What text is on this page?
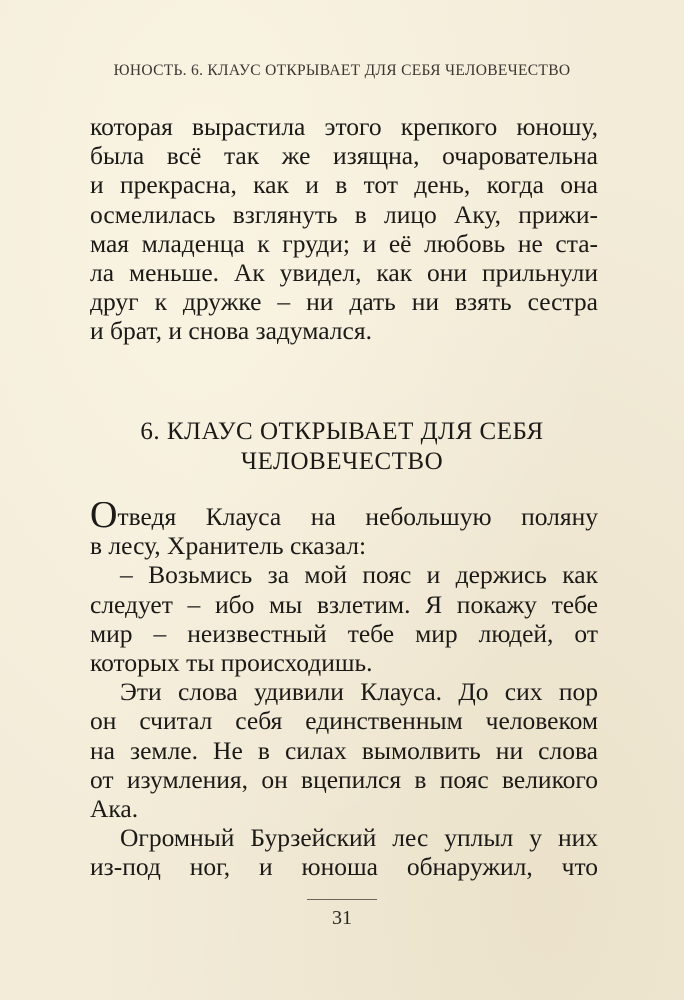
ЮНОСТЬ. 6. КЛАУС ОТКРЫВАЕТ ДЛЯ СЕБЯ ЧЕЛОВЕЧЕСТВО
которая вырастила этого крепкого юношу,
была всё так же изящна, очаровательна
и прекрасна, как и в тот день, когда она
осмелилась взглянуть в лицо Аку, прижи-
мая младенца к груди; и её любовь не ста-
ла меньше. Ак увидел, как они прильнули
друг к дружке – ни дать ни взять сестра
и брат, и снова задумался.
6. КЛАУС ОТКРЫВАЕТ ДЛЯ СЕБЯ
ЧЕЛОВЕЧЕСТВО
Отведя Клауса на небольшую поляну
в лесу, Хранитель сказал:
– Возьмись за мой пояс и держись как
следует – ибо мы взлетим. Я покажу тебе
мир – неизвестный тебе мир людей, от
которых ты происходишь.
Эти слова удивили Клауса. До сих пор
он считал себя единственным человеком
на земле. Не в силах вымолвить ни слова
от изумления, он вцепился в пояс великого
Ака.
Огромный Бурзейский лес уплыл у них
из-под ног, и юноша обнаружил, что
31
